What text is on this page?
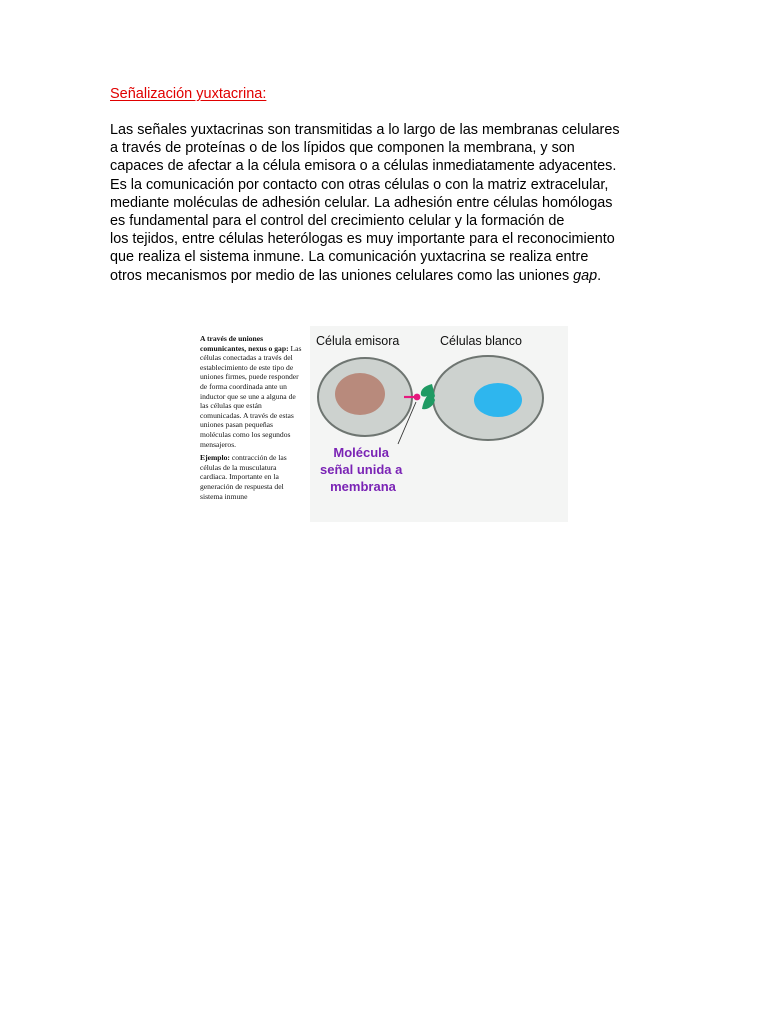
Señalización yuxtacrina:
Las señales yuxtacrinas son transmitidas a lo largo de las membranas celulares
a través de proteínas o de los lípidos que componen la membrana, y son
capaces de afectar a la célula emisora o a células inmediatamente adyacentes.
Es la comunicación por contacto con otras células o con la matriz extracelular,
mediante moléculas de adhesión celular. La adhesión entre células homólogas
es fundamental para el control del crecimiento celular y la formación de
los tejidos, entre células heterólogas es muy importante para el reconocimiento
que realiza el sistema inmune. La comunicación yuxtacrina se realiza entre
otros mecanismos por medio de las uniones celulares como las uniones gap.

A través de uniones comunicantes, nexus o gap: Las células conectadas a través del establecimiento de este tipo de uniones firmes, puede responder de forma coordinada ante un inductor que se une a alguna de las células que están comunicadas. A través de estas uniones pasan pequeñas moléculas como los segundos mensajeros.

Ejemplo: contracción de las células de la musculatura cardiaca. Importante en la generación de respuesta del sistema inmune

Célula emisora	Células blanco
Molécula señal unida a membrana
